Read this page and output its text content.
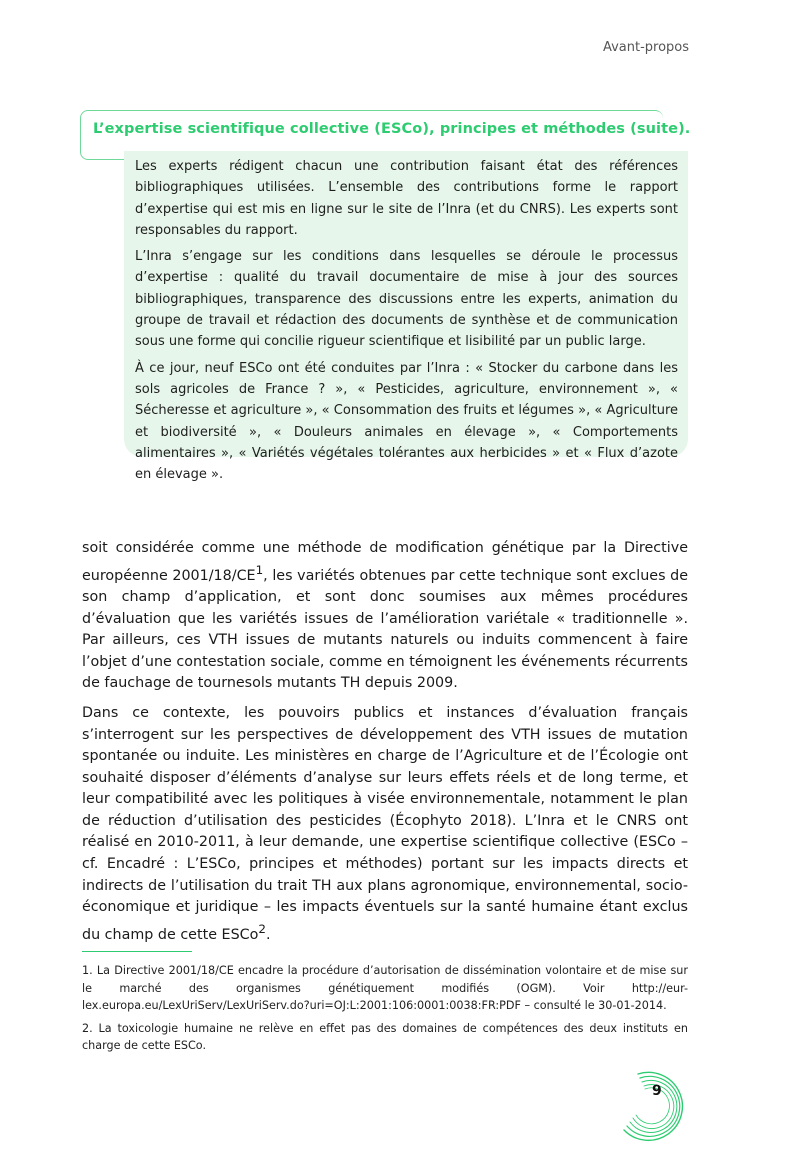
Avant-propos
L’expertise scientifique collective (ESCo), principes et méthodes (suite).

Les experts rédigent chacun une contribution faisant état des références bibliographiques utilisées. L’ensemble des contributions forme le rapport d’expertise qui est mis en ligne sur le site de l’Inra (et du CNRS). Les experts sont responsables du rapport.

L’Inra s’engage sur les conditions dans lesquelles se déroule le processus d’expertise : qualité du travail documentaire de mise à jour des sources bibliographiques, transparence des discussions entre les experts, animation du groupe de travail et rédaction des documents de synthèse et de communication sous une forme qui concilie rigueur scientifique et lisibilité par un public large.

À ce jour, neuf ESCo ont été conduites par l’Inra : « Stocker du carbone dans les sols agricoles de France ? », « Pesticides, agriculture, environnement », « Sécheresse et agriculture », « Consommation des fruits et légumes », « Agriculture et biodiversité », « Douleurs animales en élevage », « Comportements alimentaires », « Variétés végétales tolérantes aux herbicides » et « Flux d’azote en élevage ».

soit considérée comme une méthode de modification génétique par la Directive européenne $2001/18/CE^1$, les variétés obtenues par cette technique sont exclues de son champ d’application, et sont donc soumises aux mêmes procédures d’évaluation que les variétés issues de l’amélioration variétale « traditionnelle ». Par ailleurs, ces VTH issues de mutants naturels ou induits commencent à faire l’objet d’une contestation sociale, comme en témoignent les événements récurrents de fauchage de tournesols mutants TH depuis 2009.

Dans ce contexte, les pouvoirs publics et instances d’évaluation français s’interrogent sur les perspectives de développement des VTH issues de mutation spontanée ou induite. Les ministères en charge de l’Agriculture et de l’Écologie ont souhaité disposer d’éléments d’analyse sur leurs effets réels et de long terme, et leur compatibilité avec les politiques à visée environnementale, notamment le plan de réduction d’utilisation des pesticides (Écophyto 2018). L’Inra et le CNRS ont réalisé en 2010-2011, à leur demande, une expertise scientifique collective (ESCo – cf. Encadré : L’ESCo, principes et méthodes) portant sur les impacts directs et indirects de l’utilisation du trait TH aux plans agronomique, environnemental, socio-économique et juridique – les impacts éventuels sur la santé humaine étant exclus du champ de cette ESCo$^2$.

1. La Directive 2001/18/CE encadre la procédure d’autorisation de dissémination volontaire et de mise sur le marché des organismes génétiquement modifiés (OGM). Voir http://eur-lex.europa.eu/LexUriServ/LexUriServ.do?uri=OJ:L:2001:106:0001:0038:FR:PDF – consulté le 30-01-2014.

2. La toxicologie humaine ne relève en effet pas des domaines de compétences des deux instituts en charge de cette ESCo.

9
